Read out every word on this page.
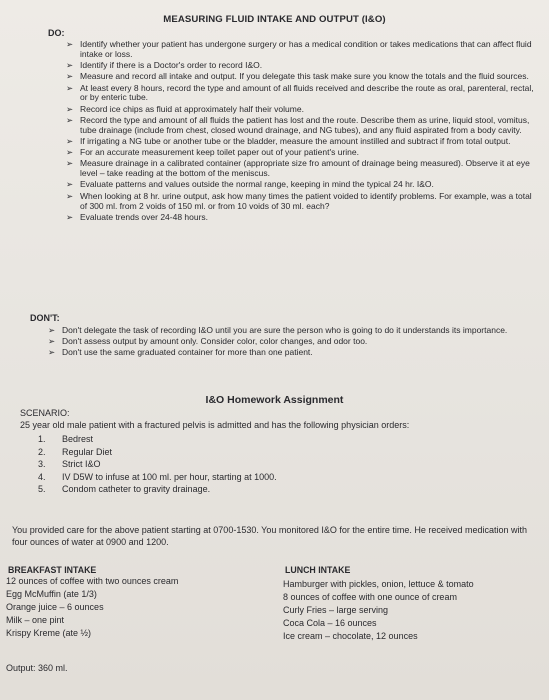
MEASURING FLUID INTAKE AND OUTPUT (I&O)
DO:
➢ Identify whether your patient has undergone surgery or has a medical condition or takes medications that can affect fluid intake or loss.
➢ Identify if there is a Doctor's order to record I&O.
➢ Measure and record all intake and output. If you delegate this task make sure you know the totals and the fluid sources.
➢ At least every 8 hours, record the type and amount of all fluids received and describe the route as oral, parenteral, rectal, or by enteric tube.
➢ Record ice chips as fluid at approximately half their volume.
➢ Record the type and amount of all fluids the patient has lost and the route. Describe them as urine, liquid stool, vomitus, tube drainage (include from chest, closed wound drainage, and NG tubes), and any fluid aspirated from a body cavity.
➢ If irrigating a NG tube or another tube or the bladder, measure the amount instilled and subtract if from total output.
➢ For an accurate measurement keep toilet paper out of your patient's urine.
➢ Measure drainage in a calibrated container (appropriate size fro amount of drainage being measured). Observe it at eye level – take reading at the bottom of the meniscus.
➢ Evaluate patterns and values outside the normal range, keeping in mind the typical 24 hr. I&O.
➢ When looking at 8 hr. urine output, ask how many times the patient voided to identify problems. For example, was a total of 300 ml. from 2 voids of 150 ml. or from 10 voids of 30 ml. each?
➢ Evaluate trends over 24-48 hours.
DON'T:
➢ Don't delegate the task of recording I&O until you are sure the person who is going to do it understands its importance.
➢ Don't assess output by amount only. Consider color, color changes, and odor too.
➢ Don't use the same graduated container for more than one patient.
I&O Homework Assignment
SCENARIO:
25 year old male patient with a fractured pelvis is admitted and has the following physician orders:
1. Bedrest
2. Regular Diet
3. Strict I&O
4. IV D5W to infuse at 100 ml. per hour, starting at 1000.
5. Condom catheter to gravity drainage.
You provided care for the above patient starting at 0700-1530. You monitored I&O for the entire time. He received medication with four ounces of water at 0900 and 1200.
BREAKFAST INTAKE
12 ounces of coffee with two ounces cream
Egg McMuffin (ate 1/3)
Orange juice – 6 ounces
Milk – one pint
Krispy Kreme (ate ½)
LUNCH INTAKE
Hamburger with pickles, onion, lettuce & tomato
8 ounces of coffee with one ounce of cream
Curly Fries – large serving
Coca Cola – 16 ounces
Ice cream – chocolate, 12 ounces
Output: 360 ml.
